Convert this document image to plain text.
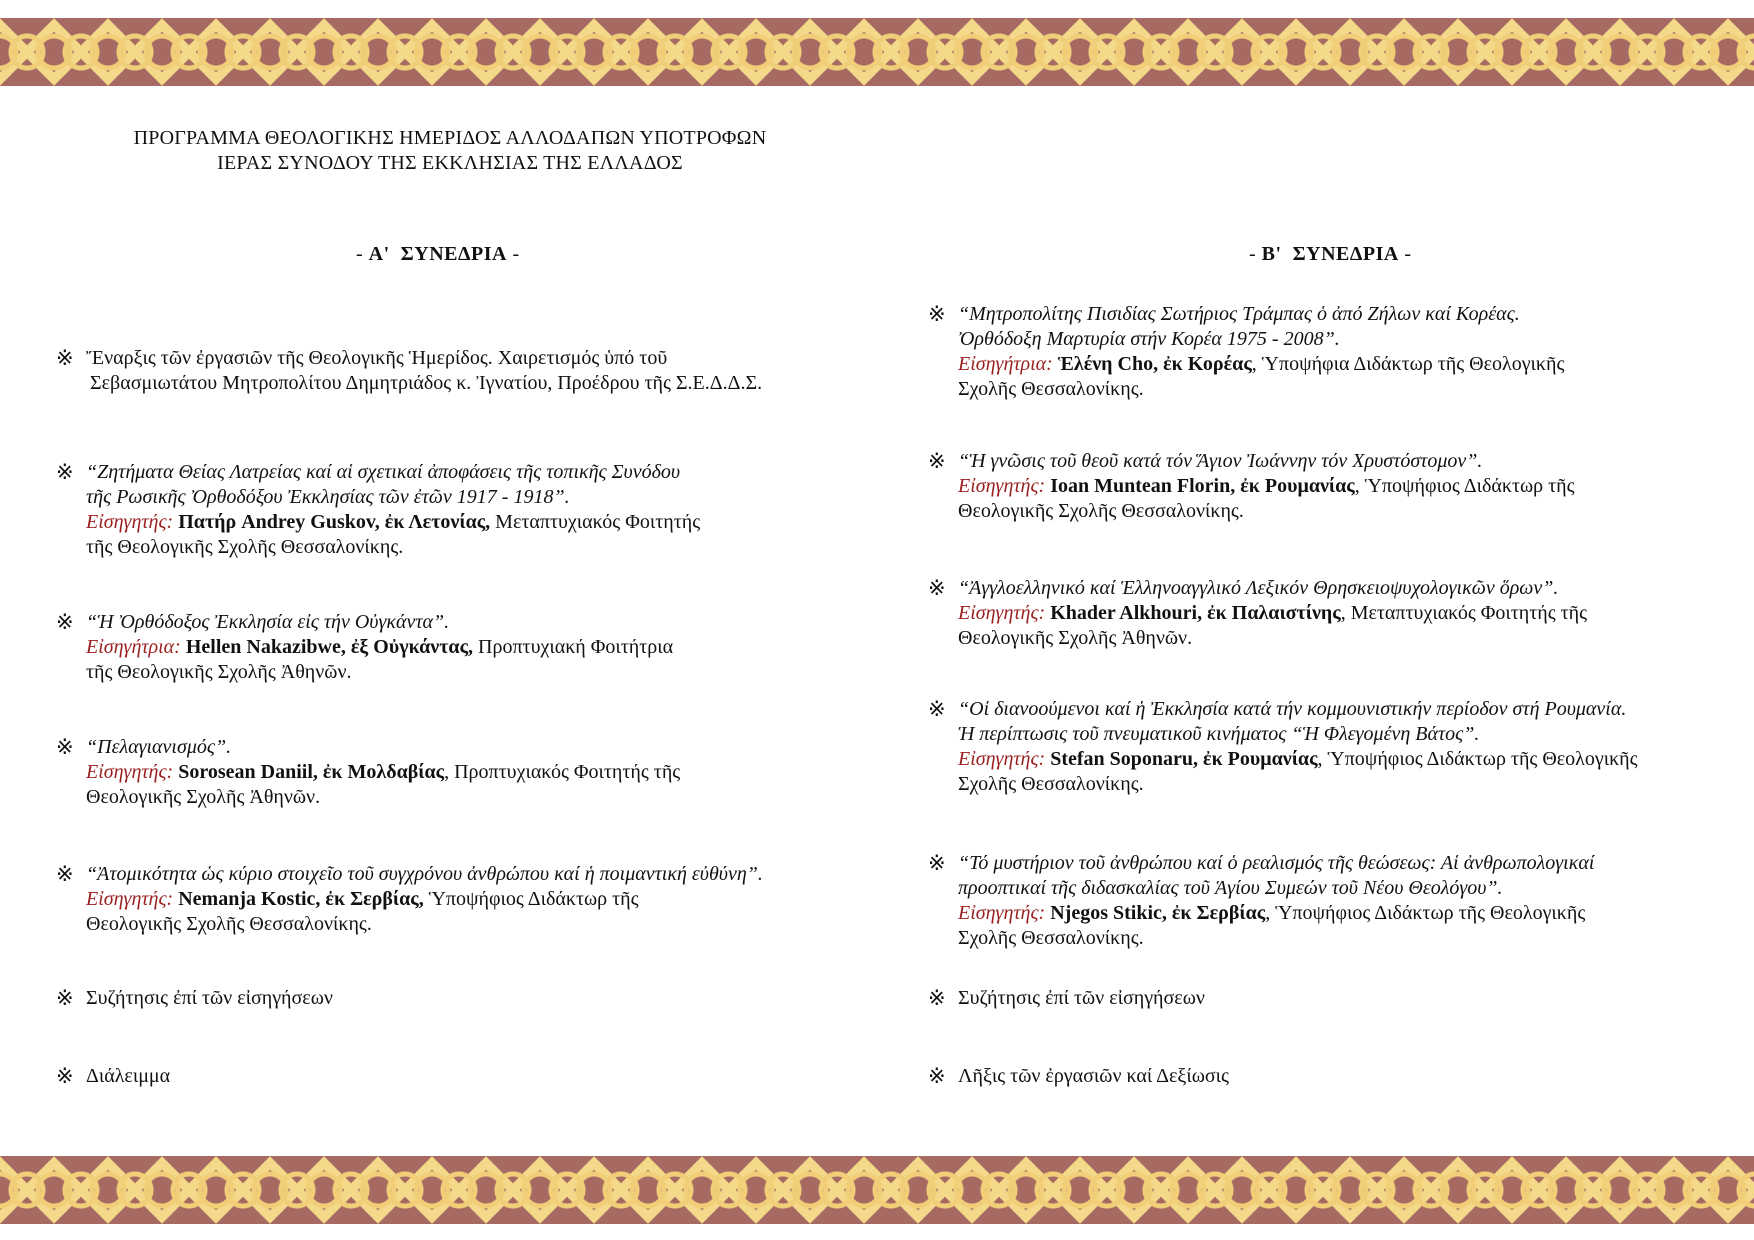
ΠΡΟΓΡΑΜΜΑ ΘΕΟΛΟΓΙΚΗΣ ΗΜΕΡΙΔΟΣ ΑΛΛΟΔΑΠΩΝ ΥΠΟΤΡΟΦΩΝ
ΙΕΡΑΣ ΣΥΝΟΔΟΥ ΤΗΣ ΕΚΚΛΗΣΙΑΣ ΤΗΣ ΕΛΛΑΔΟΣ
- Α'  ΣΥΝΕΔΡΙΑ -	- Β'  ΣΥΝΕΔΡΙΑ -
※ Ἔναρξις τῶν ἐργασιῶν τῆς Θεολογικῆς Ἡμερίδος. Χαιρετισμός ὑπό τοῦ
Σεβασμιωτάτου Μητροπολίτου Δημητριάδος κ. Ἰγνατίου, Προέδρου τῆς Σ.Ε.Δ.Δ.Σ.
※ “Ζητήματα Θείας Λατρείας καί αἱ σχετικαί ἀποφάσεις τῆς τοπικῆς Συνόδου
τῆς Ρωσικῆς Ὀρθοδόξου Ἐκκλησίας τῶν ἐτῶν 1917 - 1918”.
Εἰσηγητής: Πατήρ Andrey Guskov, ἐκ Λετονίας, Μεταπτυχιακός Φοιτητής
τῆς Θεολογικῆς Σχολῆς Θεσσαλονίκης.
※ “Ἡ Ὀρθόδοξος Ἐκκλησία εἰς τήν Οὐγκάντα”.
Εἰσηγήτρια: Hellen Nakazibwe, ἐξ Οὐγκάντας, Προπτυχιακή Φοιτήτρια
τῆς Θεολογικῆς Σχολῆς Ἀθηνῶν.
※ “Πελαγιανισμός”.
Εἰσηγητής: Sorosean Daniil, ἐκ Μολδαβίας, Προπτυχιακός Φοιτητής τῆς
Θεολογικῆς Σχολῆς Ἀθηνῶν.
※ “Ἀτομικότητα ὡς κύριο στοιχεῖο τοῦ συγχρόνου ἀνθρώπου καί ἡ ποιμαντική εὐθύνη”.
Εἰσηγητής: Nemanja Kostic, ἐκ Σερβίας, Ὑποψήφιος Διδάκτωρ τῆς
Θεολογικῆς Σχολῆς Θεσσαλονίκης.
※ Συζήτησις ἐπί τῶν εἰσηγήσεων
※ Διάλειμμα
※ “Μητροπολίτης Πισιδίας Σωτήριος Τράμπας ὁ ἀπό Ζήλων καί Κορέας.
Ὀρθόδοξη Μαρτυρία στήν Κορέα 1975 - 2008”.
Εἰσηγήτρια: Ἑλένη Cho, ἐκ Κορέας, Ὑποψήφια Διδάκτωρ τῆς Θεολογικῆς
Σχολῆς Θεσσαλονίκης.
※ “Ἡ γνῶσις τοῦ θεοῦ κατά τόν Ἅγιον Ἰωάννην τόν Χρυστόστομον”.
Εἰσηγητής: Ioan Muntean Florin, ἐκ Ρουμανίας, Ὑποψήφιος Διδάκτωρ τῆς
Θεολογικῆς Σχολῆς Θεσσαλονίκης.
※ “Ἀγγλοελληνικό καί Ἑλληνοαγγλικό Λεξικόν Θρησκειοψυχολογικῶν ὅρων”.
Εἰσηγητής: Khader Alkhouri, ἐκ Παλαιστίνης, Μεταπτυχιακός Φοιτητής τῆς
Θεολογικῆς Σχολῆς Ἀθηνῶν.
※ “Οἱ διανοούμενοι καί ἡ Ἐκκλησία κατά τήν κομμουνιστικήν περίοδον στή Ρουμανία.
Ἡ περίπτωσις τοῦ πνευματικοῦ κινήματος “Ἡ Φλεγομένη Βάτος”.
Εἰσηγητής: Stefan Soponaru, ἐκ Ρουμανίας, Ὑποψήφιος Διδάκτωρ τῆς Θεολογικῆς
Σχολῆς Θεσσαλονίκης.
※ “Τό μυστήριον τοῦ ἀνθρώπου καί ὁ ρεαλισμός τῆς θεώσεως: Αἱ ἀνθρωπολογικαί
προοπτικαί τῆς διδασκαλίας τοῦ Ἁγίου Συμεών τοῦ Νέου Θεολόγου”.
Εἰσηγητής: Njegos Stikic, ἐκ Σερβίας, Ὑποψήφιος Διδάκτωρ τῆς Θεολογικῆς
Σχολῆς Θεσσαλονίκης.
※ Συζήτησις ἐπί τῶν εἰσηγήσεων
※ Λῆξις τῶν ἐργασιῶν καί Δεξίωσις
